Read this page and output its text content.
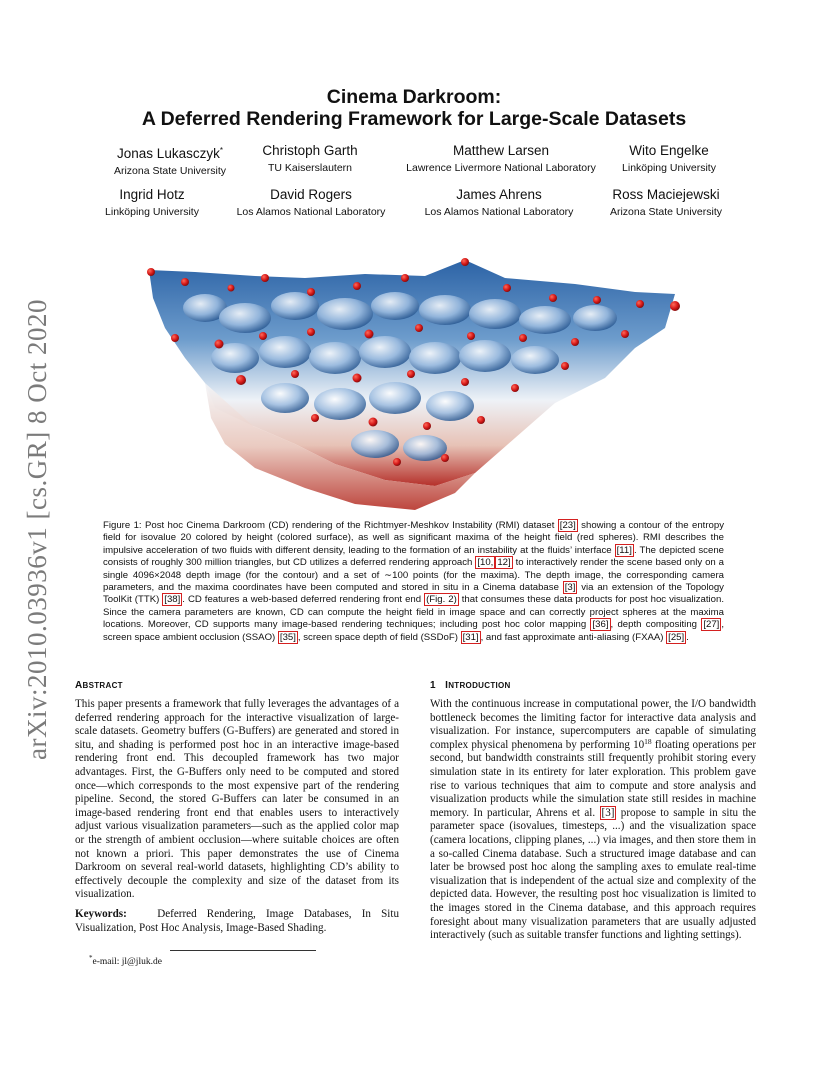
arXiv:2010.03936v1 [cs.GR] 8 Oct 2020
Cinema Darkroom:
A Deferred Rendering Framework for Large-Scale Datasets
Jonas Lukasczyk*
Arizona State University
Christoph Garth
TU Kaiserslautern
Matthew Larsen
Lawrence Livermore National Laboratory
Wito Engelke
Linköping University
Ingrid Hotz
Linköping University
David Rogers
Los Alamos National Laboratory
James Ahrens
Los Alamos National Laboratory
Ross Maciejewski
Arizona State University
Figure 1: Post hoc Cinema Darkroom (CD) rendering of the Richtmyer-Meshkov Instability (RMI) dataset [23] showing a contour of the entropy field for isovalue 20 colored by height (colored surface), as well as significant maxima of the height field (red spheres). RMI describes the impulsive acceleration of two fluids with different density, leading to the formation of an instability at the fluids’ interface [11] . The depicted scene consists of roughly 300 million triangles, but CD utilizes a deferred rendering approach [10, 12] to interactively render the scene based only on a single 4096×2048 depth image (for the contour) and a set of ∼100 points (for the maxima). The depth image, the corresponding camera parameters, and the maxima coordinates have been computed and stored in situ in a Cinema database [3] via an extension of the Topology ToolKit (TTK) [38] . CD features a web-based deferred rendering front end (Fig. 2) that consumes these data products for post hoc visualization. Since the camera parameters are known, CD can compute the height field in image space and can correctly project spheres at the maxima locations. Moreover, CD supports many image-based rendering techniques; including post hoc color mapping [36] , depth compositing [27] , screen space ambient occlusion (SSAO) [35] , screen space depth of field (SSDoF) [31] , and fast approximate anti-aliasing (FXAA) [25] .
ABSTRACT
This paper presents a framework that fully leverages the advantages of a deferred rendering approach for the interactive visualization of large-scale datasets. Geometry buffers (G-Buffers) are generated and stored in situ, and shading is performed post hoc in an interactive image-based rendering front end. This decoupled framework has two major advantages. First, the G-Buffers only need to be computed and stored once—which corresponds to the most expensive part of the rendering pipeline. Second, the stored G-Buffers can later be consumed in an image-based rendering front end that enables users to interactively adjust various visualization parameters—such as the applied color map or the strength of ambient occlusion—where suitable choices are often not known a priori. This paper demonstrates the use of Cinema Darkroom on several real-world datasets, highlighting CD’s ability to effectively decouple the complexity and size of the dataset from its visualization.
Keywords:	Deferred Rendering, Image Databases, In Situ Visualization, Post Hoc Analysis, Image-Based Shading.
*e-mail: jl@jluk.de
1 INTRODUCTION
With the continuous increase in computational power, the I/O bandwidth bottleneck becomes the limiting factor for interactive data analysis and visualization. For instance, supercomputers are capable of simulating complex physical phenomena by performing $10^{18}$ floating operations per second, but bandwidth constraints still frequently prohibit storing every simulation state in its entirety for later exploration. This problem gave rise to various techniques that aim to compute and store analysis and visualization products while the simulation state still resides in machine memory. In particular, Ahrens et al. [3] propose to sample in situ the parameter space (isovalues, timesteps, ...) and the visualization space (camera locations, clipping planes, ...) via images, and then store them in a so-called Cinema database. Such a structured image database and can later be browsed post hoc along the sampling axes to emulate real-time visualization that is independent of the actual size and complexity of the depicted data. However, the resulting post hoc visualization is limited to the images stored in the Cinema database, and this approach requires foresight about many visualization parameters that are usually adjusted interactively (such as suitable transfer functions and lighting settings).
